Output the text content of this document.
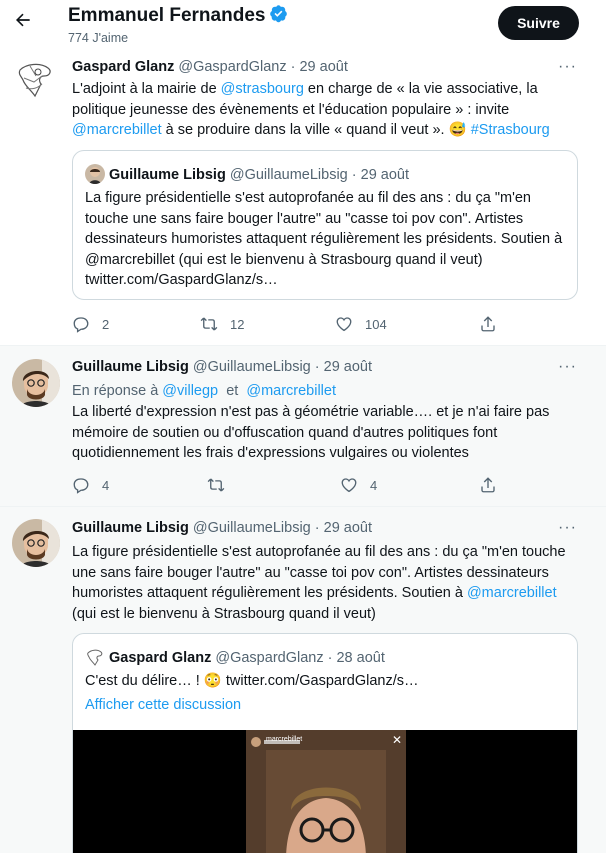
Emmanuel Fernandes
774 J'aime
Suivre
Gaspard Glanz @GaspardGlanz · 29 août	···
L'adjoint à la mairie de @strasbourg en charge de « la vie associative, la politique jeunesse des évènements et l'éducation populaire » : invite @marcrebillet à se produire dans la ville « quand il veut ». 😅 #Strasbourg
Guillaume Libsig @GuillaumeLibsig · 29 août
La figure présidentielle s'est autoprofanée au fil des ans : du ça "m'en touche une sans faire bouger l'autre" au "casse toi pov con". Artistes dessinateurs humoristes attaquent régulièrement les présidents. Soutien à @marcrebillet (qui est le bienvenu à Strasbourg quand il veut) twitter.com/GaspardGlanz/s…
2	12	104
Guillaume Libsig @GuillaumeLibsig · 29 août	···
En réponse à @villegp et @marcrebillet
La liberté d'expression n'est pas à géométrie variable…. et je n'ai faire pas mémoire de soutien ou d'offuscation quand d'autres politiques font quotidiennement les frais d'expressions vulgaires ou violentes
4	4
Guillaume Libsig @GuillaumeLibsig · 29 août	···
La figure présidentielle s'est autoprofanée au fil des ans : du ça "m'en touche une sans faire bouger l'autre" au "casse toi pov con". Artistes dessinateurs humoristes attaquent régulièrement les présidents. Soutien à @marcrebillet (qui est le bienvenu à Strasbourg quand il veut)
Gaspard Glanz @GaspardGlanz · 28 août
C'est du délire… ! 😳 twitter.com/GaspardGlanz/s…
Afficher cette discussion
marcrebillet	✕
